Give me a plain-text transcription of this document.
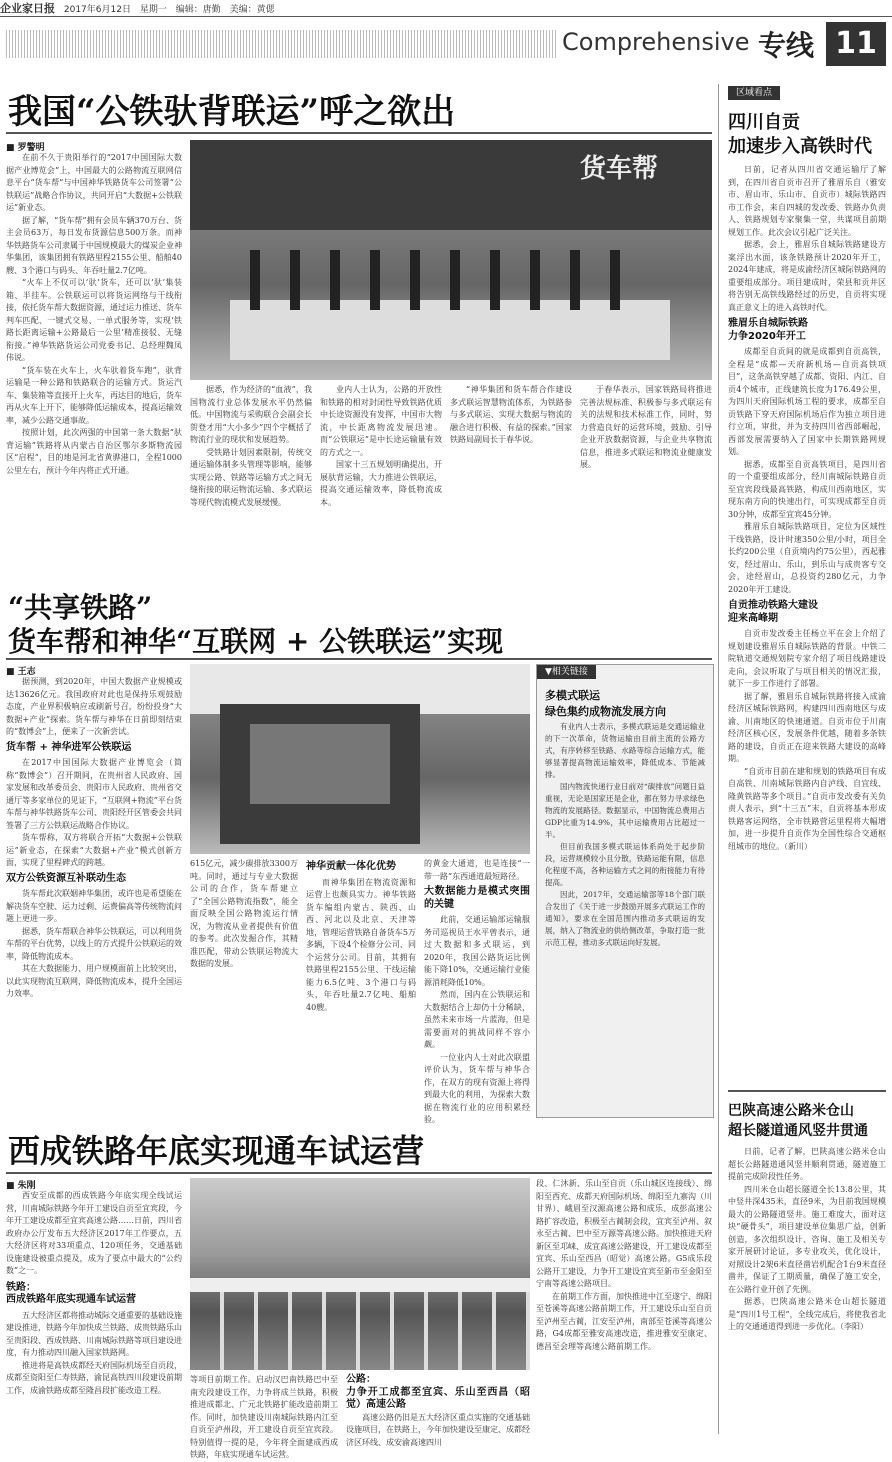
企业家日报 2017年6月12日 星期一 编辑：唐勤 美编：黄偲
Comprehensive 专线 11
我国“公铁驮背联运”呼之欲出
■ 罗警明

在前不久于贵阳举行的“2017中国国际大数据产业博览会”上，中国最大的公路物流互联网信息平台“货车帮”与中国神华铁路货车公司签署“公铁联运”战略合作协议，共同开启“大数据+公铁联运”新业态。

据了解，“货车帮”拥有会员车辆370万台、货主会员63万，每日发布货源信息500万条。而神华铁路货车公司隶属于中国规模最大的煤炭企业神华集团，该集团拥有铁路里程2155公里、船舶40艘、3个港口与码头、年吞吐量2.7亿吨。

“火车上不仅可以‘驮’货车，还可以‘驮’集装箱、半挂车。公铁联运可以将货运网络与干线衔接，依托货车帮大数据资源，通过运力推送、货车判车匹配、一键式交易、一单式服务等，实现‘铁路长距离运输+公路最后一公里’精准接驳、无缝衔接。”神华铁路货运公司党委书记、总经理魏凤伟说。

“货车装在火车上，火车驮着货车跑”，驮背运输是一种公路和铁路联合的运输方式。货运汽车、集装箱等直接开上火车，再达目的地后，货车再从火车上开下，能够降低运输成本，提高运输效率，减少公路交通事故。

按照计划，此次两强的中国第一条大数据“驮背运输”铁路将从内蒙古自治区鄂尔多斯物流园区“启程”，目的地是河北省黄骅港口，全程1000公里左右，预计今年内将正式开通。

货车帮

据悉，作为经济的“血液”，我国物流行业总体发展水平仍然偏低。中国物流与采购联合会副会长贺登才用“大小多少”四个字概括了物流行业的现状和发展趋势。

受铁路计划因素限制，传统交通运输体制多头管理等影响，能够实现公路、铁路等运输方式之间无缝衔接的联运物流运输、多式联运等现代物流模式发展缓慢。

业内人士认为，公路的开放性和铁路的相对封闭性导致铁路优质中长途资源没有发挥，中国市大物流，中长距离物流发展迅速。而“公铁联运”是中长途运输量有效的方式之一。

国家十三五规划明确提出，开展驮背运输，大力推进公铁联运，提高交通运输效率，降低物流成本。

“神华集团和货车帮合作建设多式联运智慧物流体系，为铁路参与多式联运、实现大数据与物流的融合进行积极、有益的探索。”国家铁路局副局长于春华说。

于春华表示，国家铁路局将推进完善法规标准、积极参与多式联运有关的法规和技术标准工作，同时，努力营造良好的运营环境，鼓励、引导企业开放数据资源，与企业共享物流信息，推进多式联运和物流业健康发展。

“共享铁路”
货车帮和神华“互联网 + 公铁联运”实现
■ 王志

据预测，到2020年，中国大数据产业规模或达13626亿元。我国政府对此也是保持乐观鼓励态度，产业界积极响应或刷新号召，纷纷投身“大数据+产业”探索。货车帮与神华在日前即刻结束的“数博会”上，便来了一次新尝试。

货车帮 + 神华进军公铁联运

在2017中国国际大数据产业博览会（简称“数博会”）召开期间，在贵州省人民政府、国家发展和改革委员会、贵阳市人民政府、贵州省交通厅等多家单位的见证下，“互联网+物流”平台货车帮与神华铁路货车公司、贵阳经开区管委会共同签署了三方公铁联运战略合作协议。

货车帮称，双方将联合开拓“大数据+公铁联运”新业态，在探索“大数据+产业”模式创新方面，实现了里程碑式的跨越。

双方公铁资源互补联动生态

货车帮此次联姻神华集团，或许也是希望能在解决货车空驶、运力过剩、运费偏高等传统物流问题上更进一步。

据悉，货车帮联合神华公铁联运，可以利用货车帮的平台优势，以线上的方式提升公铁联运的效率，降低物流成本。

其在大数据能力、用户规模面前上比较突出，以此实现物流互联网，降低物流成本，提升全国运力效率。

615亿元，减少碳排放3300万吨。同时，通过与专业大数据公司的合作，货车帮建立了“全国公路物流指数”，能全面反映全国公路物流运行情况，为物流从业者提供有价值的参考。此次发掘合作，其精准匹配，带动公铁联运物流大数据的发展。

神华贡献一体化优势

而神华集团在物流资源和运营上也颇具实力。神华铁路货车编组内蒙古、陕西、山西、河北以及北京、天津等地，管理运营铁路自备货车5万多辆，下设4个检修分公司、同个运营分公司。目前，其拥有铁路里程2155公里、干线运输能力6.5亿吨、3个港口与码头，年吞吐量2.7亿吨、船舶40艘。

的黄金大通道，也是连接“一带一路”东西通道最短路径。

大数据能力是模式突围的关键

此前，交通运输部运输服务司巡视员王水平曾表示，通过大数据和多式联运，到2020年，我国公路货运比例能下降10%，交通运输行业能源消耗降低10%。

然而，国内在公铁联运和大数据结合上却仍十分稀缺，虽然未来市场一片蓝海，但是需要面对的挑战同样不容小觑。

一位业内人士对此次联盟评价认为，货车帮与神华合作，在双方的现有资源上将得到最大化的利用，为探索大数据在物流行业的应用积累经验。

▼相关链接
多模式联运
绿色集约成物流发展方向

有业内人士表示，多模式联运是交通运输业的下一次革命，货物运输由目前主流的公路方式，有序转移至铁路、水路等综合运输方式，能够显著提高物流运输效率，降低成本、节能减排。

国内物流快递行业日前对“碳排放”问题日益重视，无论是国家还是企业，都在努力寻求绿色物流的发展路径。数据显示，中国物流总费用占GDP比重为14.9%，其中运输费用占比超过一半。

但目前我国多模式联运体系尚处于起步阶段，运营规模较小且分散，铁路运能有限，信息化程度不高，各种运输方式之间的衔接能力有待提高。

因此，2017年，交通运输部等18个部门联合发出了《关于进一步鼓励开展多式联运工作的通知》，要求在全国范围内推动多式联运的发展，纳入了物流业的供给侧改革，争取打造一批示范工程，推动多式联运向好发展。

西成铁路年底实现通车试运营
■ 朱刚

西安至成都的西成铁路今年底实现全线试运营，川南城际铁路今年开工建设自贡至宜宾段，今年开工建设成都至宜宾高速公路……日前，四川省政府办公厅发布五大经济区2017年工作要点，五大经济区将对33项重点、120项任务，交通基础设施建设被重点提及，成为了要点中最大的“公约数”之一。

铁路：
西成铁路年底实现通车试运营

五大经济区都将推动城际交通重要的基础设施建设推进，铁路今年加快成兰铁路、成贵铁路乐山至贵阳段、西成铁路、川南城际铁路等项目建设进度，有力推动四川融入国家铁路网。

推进将是高铁成都经天府国际机场至自贡段，成都至资阳至仁寿铁路，渝昆高铁四川段建设前期工作，成渝铁路成都至隆昌段扩能改造工程。

等项目前期工作。启动汉巴南铁路巴中至南充段建设工作，力争将成兰铁路，积极推进成都北、广元北铁路扩能改造前期工作。同时，加快建设川南城际铁路内江至自贡至泸州段，开工建设自贡至宜宾段。特别值得一提的是，今年将全面建成西成铁路，年底实现通车试运营。

公路：
力争开工成都至宜宾、乐山至西昌（昭觉）高速公路

高速公路仍旧是五大经济区重点实施的交通基础设施项目，在铁路上，今年加快建设至康定、成都经济区环线、成安渝高速四川

段、仁沐新、乐山至自贡（乐山城区连接线）、绵阳至西充、成都天府国际机场、绵阳至九寨沟（川甘界）、峨眉至汉源高速公路和成乐、成彭高速公路扩容改造，积极至古蔺制会段，宜宾至泸州、叙永至古蔺、巴中至万源等高速公路。加快推进天府新区至邛崃、成宜高速公路建设，开工建设成都至宜宾、乐山至西昌（昭觉）高速公路。G5成乐段公路开工建设，力争开工建设宜宾至新市至金阳至宁南等高速公路项目。

在前期工作方面，加快推进中江至遂宁、绵阳至苍溪等高速公路前期工作，开工建设乐山至自贡至泸州至古蔺，江安至泸州，南部至苍溪等高速公路，G4成都至雅安高速改造，推进雅安至康定、德昌至会理等高速公路前期工作。

区域看点
四川自贡
加速步入高铁时代

日前，记者从四川省交通运输厅了解到，在四川省自贡市召开了雅眉乐自（雅安市、眉山市、乐山市、自贡市）城际铁路四市工作会，来自四城的发改委、铁路办负责人、铁路规划专家聚集一堂，共谋项目前期规划工作。此次会议引起广泛关注。

据悉，会上，雅眉乐自城际铁路建设方案浮出水面，该条铁路预计2020年开工，2024年建成，将是成渝经济区城际铁路网的重要组成部分。项目建成时，荣县和贡井区将告别无高铁线路经过的历史，自贡将实现真正意义上的进入高铁时代。

雅眉乐自城际铁路
力争2020年开工

成都至自贡间的就是成都到自贡高铁，全程是“成都—天府新机场—自贡高铁项目”，这条高铁穿越了成都、资阳、内江、自贡4个城市，正线建筑长度为176.49公里，为四川天府国际机场工程的要求，成都至自贡铁路下穿天府国际机场后作为独立项目进行立项，审批，并为支持四川省西部崛起，西部发展需要纳入了国家中长期铁路网规划。

据悉，成都至自贡高铁项目，是四川省的一个重要组成部分，经川南城际铁路自贡至宜宾段线最高铁路，构成川西南地区，实现东南方向的快速出行，可实现成都至自贡30分钟，成都至宜宾45分钟。

雅眉乐自城际铁路项目，定位为区域性干线铁路，设计时速350公里/小时，项目全长约200公里（自贡境内约75公里），西起雅安，经过眉山、乐山，到乐山与成贵客专交会，途经眉山，总投资约280亿元，力争2020年开工建设。

自贡推动铁路大建设
迎来高峰期

自贡市发改委主任杨立平在会上介绍了规划建设雅眉乐自城际铁路的背景。中铁二院轨道交通规划院专家介绍了项目线路建设走向，会议听取了与项目相关的情况汇报，就下一步工作进行了部署。

据了解，雅眉乐自城际铁路将接入成渝经济区城际铁路网，构建四川西南地区与成渝、川南地区的快速通道。自贡市位于川南经济区核心区，发展条件优越，随着多条铁路的建设，自贡正在迎来铁路大建设的高峰期。

“自贡市目前在建和规划的铁路项目有成自高铁、川南城际铁路内自泸线、自宜线、隆黄铁路等多个项目。”自贡市发改委有关负责人表示，到“十三五”末，自贡将基本形成铁路客运网络，全市铁路营运里程将大幅增加，进一步提升自贡作为全国性综合交通枢纽城市的地位。（新川）

巴陕高速公路米仓山
超长隧道通风竖井贯通

日前，记者了解，巴陕高速公路米仓山超长公路隧道通风竖井顺利贯通，隧道施工提前完成阶段性任务。

四川米仓山超长隧道全长13.8公里，其中竖井深435米，直径9米，为目前我国规模最大的公路隧道竖井。施工难度大，面对这块“硬骨头”，项目建设单位集思广益，创新创造，多次组织设计、咨询、施工及相关专家开展研讨论证，多专业攻关，优化设计，对照设计2架6米直径凿岩机配合1台9米直径凿井，保证了工期质量，确保了施工安全，在公路行业开创了先例。

据悉，巴陕高速公路米仓山超长隧道是“四川1号工程”，全线完成后，将使我省北上的交通通道得到进一步优化。（李阳）
